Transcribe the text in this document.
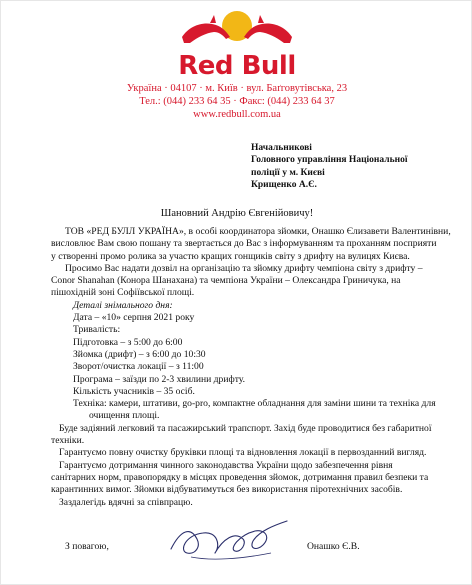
Red Bull
Україна · 04107 · м. Київ · вул. Баґговутівська, 23
Тел.: (044) 233 64 35 · Факс: (044) 233 64 37
www.redbull.com.ua
Начальникові
Головного управління Національної
поліції у м. Києві
Крищенко А.Є.
Шановний Андрію Євгенійовичу!
ТОВ «РЕД БУЛЛ УКРАЇНА», в особі координатора зйомки, Онашко Єлизавети Валентинівни,
висловлює Вам свою пошану та звертається до Вас з інформуванням та проханням посприяти
у створенні промо ролика за участю кращих гонщиків світу з дрифту на вулицях Києва.
Просимо Вас надати дозвіл на організацію та зйомку дрифту чемпіона світу з дрифту –
Conor Shanahan (Конора Шанахана) та чемпіона України – Олександра Гриничука, на
пішохідній зоні Софіївської площі.
Деталі знімального дня:
Дата – «10» серпня 2021 року
Тривалість:
Підготовка – з 5:00 до 6:00
Зйомка (дрифт) – з 6:00 до 10:30
Зворот/очистка локації – з 11:00
Програма – заїзди по 2-3 хвилини дрифту.
Кількість учасників – 35 осіб.
Техніка: камери, штативи, go-pro, компактне обладнання для заміни шини та техніка для
очищення площі.
Буде задіяний легковий та пасажирський трапспорт. Захід буде проводитися без габаритної
техніки.
Гарантуємо повну очистку бруківки площі та відновлення локації в первозданний вигляд.
Гарантуємо дотримання чинного законодавства України щодо забезпечення рівня
санітарних норм, правопорядку в місцях проведення зйомок, дотримання правил безпеки та
карантинних вимог. Зйомки відбуватимуться без використання піротехнічних засобів.
Заздалегідь вдячні за співпрацю.
З повагою,	Онашко Є.В.
